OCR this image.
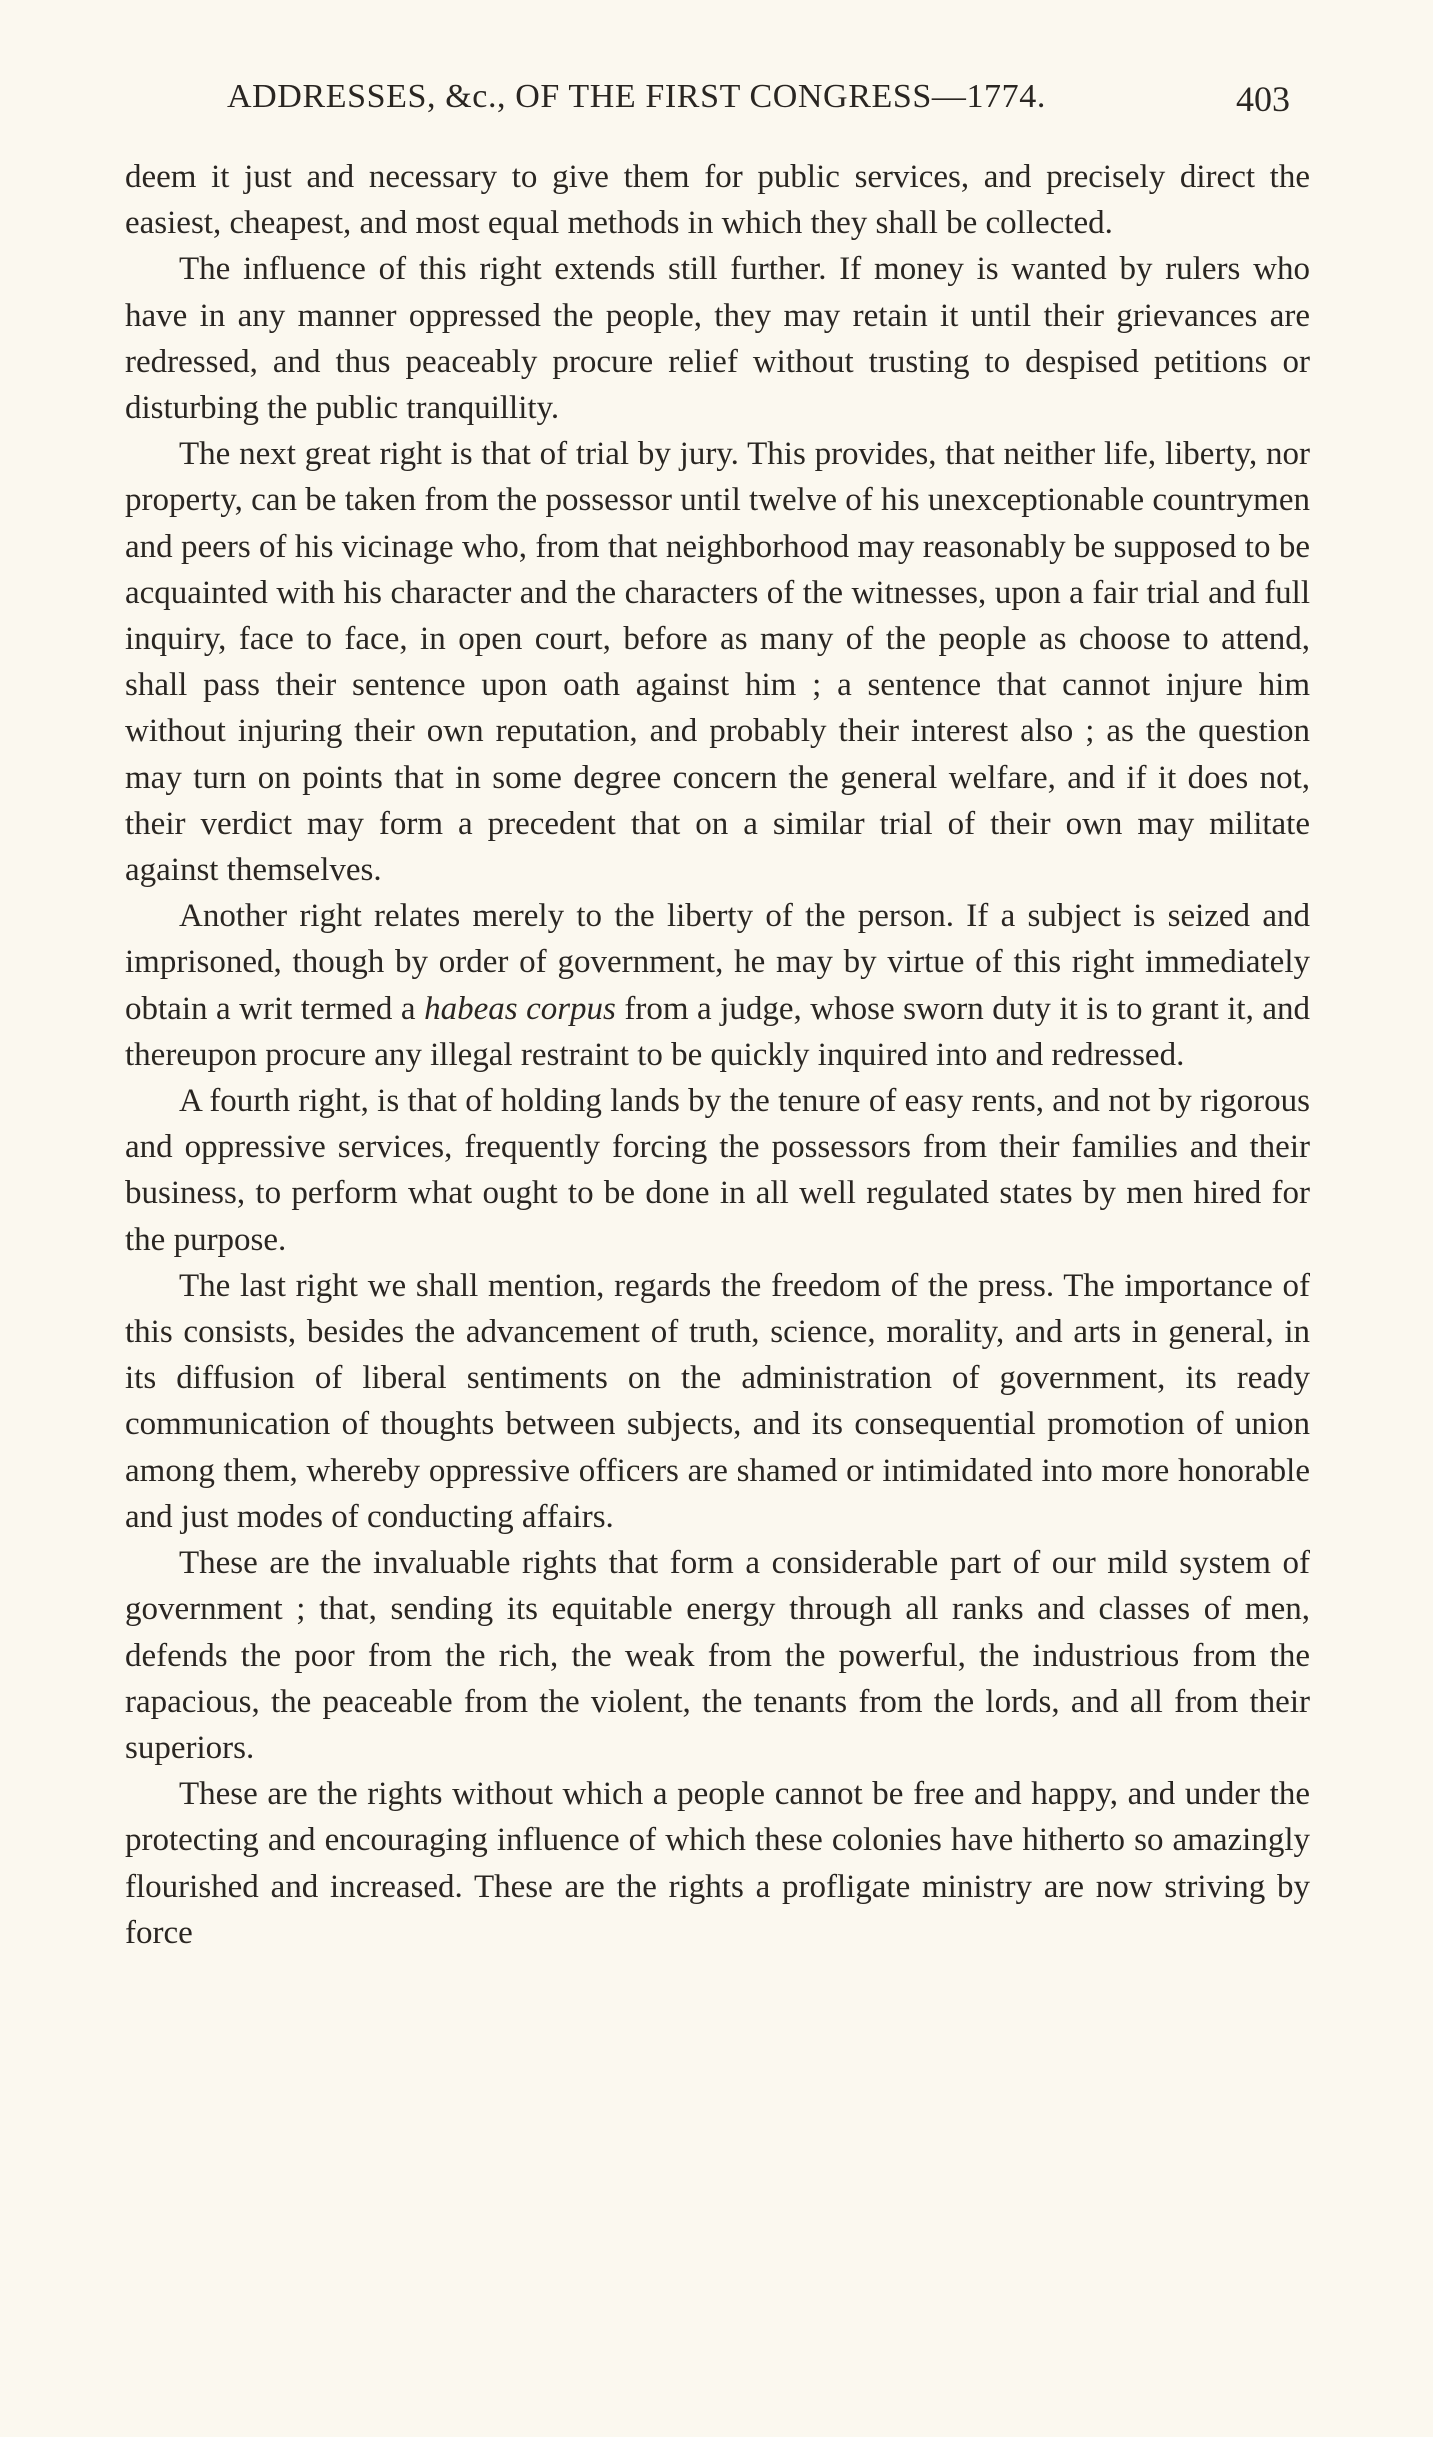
ADDRESSES, &c., OF THE FIRST CONGRESS—1774.	403

deem it just and necessary to give them for public services, and precisely direct the easiest, cheapest, and most equal methods in which they shall be collected.

The influence of this right extends still further. If money is wanted by rulers who have in any manner oppressed the people, they may retain it until their grievances are redressed, and thus peaceably procure relief without trusting to despised petitions or disturbing the public tranquillity.

The next great right is that of trial by jury. This provides, that neither life, liberty, nor property, can be taken from the possessor until twelve of his unexceptionable countrymen and peers of his vicinage who, from that neighborhood may reasonably be supposed to be acquainted with his character and the characters of the witnesses, upon a fair trial and full inquiry, face to face, in open court, before as many of the people as choose to attend, shall pass their sentence upon oath against him ; a sentence that cannot injure him without injuring their own reputation, and probably their interest also ; as the question may turn on points that in some degree concern the general welfare, and if it does not, their verdict may form a precedent that on a similar trial of their own may militate against themselves.

Another right relates merely to the liberty of the person. If a subject is seized and imprisoned, though by order of government, he may by virtue of this right immediately obtain a writ termed a habeas corpus from a judge, whose sworn duty it is to grant it, and thereupon procure any illegal restraint to be quickly inquired into and redressed.

A fourth right, is that of holding lands by the tenure of easy rents, and not by rigorous and oppressive services, frequently forcing the possessors from their families and their business, to perform what ought to be done in all well regulated states by men hired for the purpose.

The last right we shall mention, regards the freedom of the press. The importance of this consists, besides the advancement of truth, science, morality, and arts in general, in its diffusion of liberal sentiments on the administration of government, its ready communication of thoughts between subjects, and its consequential promotion of union among them, whereby oppressive officers are shamed or intimidated into more honorable and just modes of conducting affairs.

These are the invaluable rights that form a considerable part of our mild system of government ; that, sending its equitable energy through all ranks and classes of men, defends the poor from the rich, the weak from the powerful, the industrious from the rapacious, the peaceable from the violent, the tenants from the lords, and all from their superiors.

These are the rights without which a people cannot be free and happy, and under the protecting and encouraging influence of which these colonies have hitherto so amazingly flourished and increased. These are the rights a profligate ministry are now striving by force
